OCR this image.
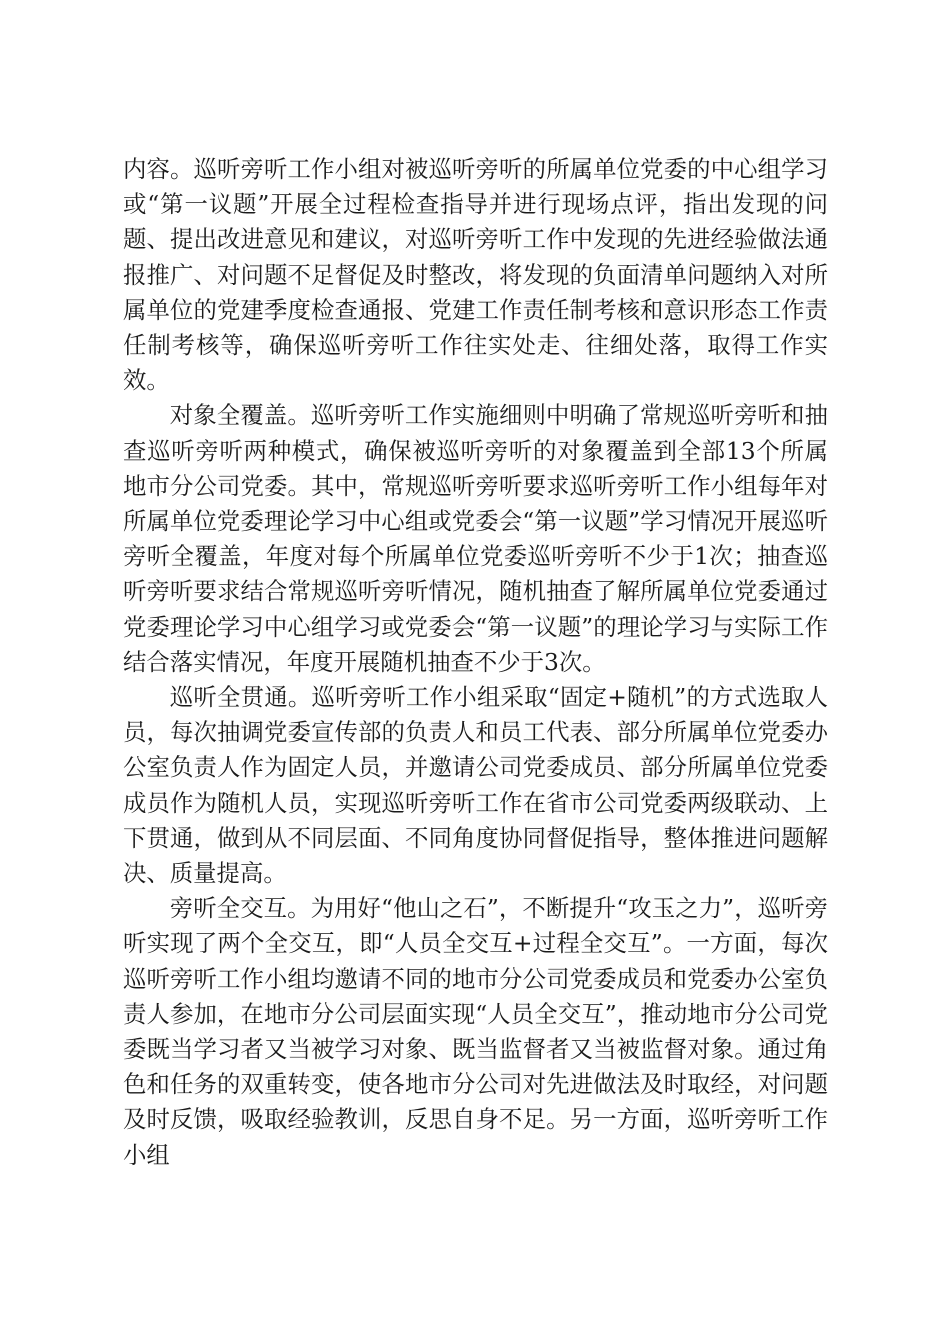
内容。巡听旁听工作小组对被巡听旁听的所属单位党委的中心组学习或“第一议题”开展全过程检查指导并进行现场点评，指出发现的问题、提出改进意见和建议，对巡听旁听工作中发现的先进经验做法通报推广、对问题不足督促及时整改，将发现的负面清单问题纳入对所属单位的党建季度检查通报、党建工作责任制考核和意识形态工作责任制考核等，确保巡听旁听工作往实处走、往细处落，取得工作实效。

对象全覆盖。巡听旁听工作实施细则中明确了常规巡听旁听和抽查巡听旁听两种模式，确保被巡听旁听的对象覆盖到全部13个所属地市分公司党委。其中，常规巡听旁听要求巡听旁听工作小组每年对所属单位党委理论学习中心组或党委会“第一议题”学习情况开展巡听旁听全覆盖，年度对每个所属单位党委巡听旁听不少于1次；抽查巡听旁听要求结合常规巡听旁听情况，随机抽查了解所属单位党委通过党委理论学习中心组学习或党委会“第一议题”的理论学习与实际工作结合落实情况，年度开展随机抽查不少于3次。

巡听全贯通。巡听旁听工作小组采取“固定+随机”的方式选取人员，每次抽调党委宣传部的负责人和员工代表、部分所属单位党委办公室负责人作为固定人员，并邀请公司党委成员、部分所属单位党委成员作为随机人员，实现巡听旁听工作在省市公司党委两级联动、上下贯通，做到从不同层面、不同角度协同督促指导，整体推进问题解决、质量提高。

旁听全交互。为用好“他山之石”，不断提升“攻玉之力”，巡听旁听实现了两个全交互，即“人员全交互+过程全交互”。一方面，每次巡听旁听工作小组均邀请不同的地市分公司党委成员和党委办公室负责人参加，在地市分公司层面实现“人员全交互”，推动地市分公司党委既当学习者又当被学习对象、既当监督者又当被监督对象。通过角色和任务的双重转变，使各地市分公司对先进做法及时取经，对问题及时反馈，吸取经验教训，反思自身不足。另一方面，巡听旁听工作小组
